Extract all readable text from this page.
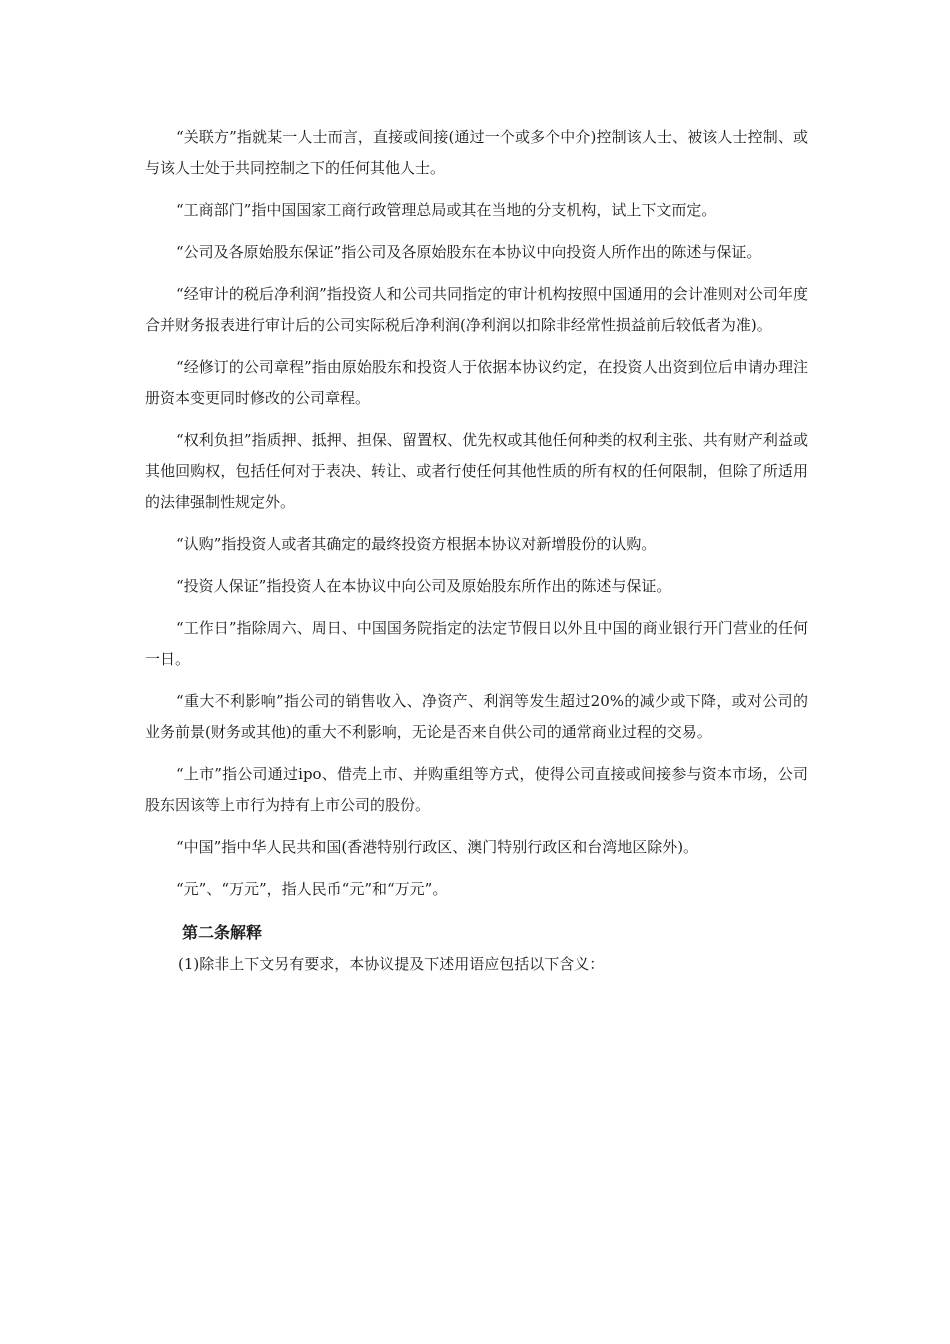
“关联方”指就某一人士而言，直接或间接(通过一个或多个中介)控制该人士、被该人士控制、或与该人士处于共同控制之下的任何其他人士。

“工商部门”指中国国家工商行政管理总局或其在当地的分支机构，试上下文而定。

“公司及各原始股东保证”指公司及各原始股东在本协议中向投资人所作出的陈述与保证。

“经审计的税后净利润”指投资人和公司共同指定的审计机构按照中国通用的会计准则对公司年度合并财务报表进行审计后的公司实际税后净利润(净利润以扣除非经常性损益前后较低者为准)。

“经修订的公司章程”指由原始股东和投资人于依据本协议约定，在投资人出资到位后申请办理注册资本变更同时修改的公司章程。

“权利负担”指质押、抵押、担保、留置权、优先权或其他任何种类的权利主张、共有财产利益或其他回购权，包括任何对于表决、转让、或者行使任何其他性质的所有权的任何限制，但除了所适用的法律强制性规定外。

“认购”指投资人或者其确定的最终投资方根据本协议对新增股份的认购。

“投资人保证”指投资人在本协议中向公司及原始股东所作出的陈述与保证。

“工作日”指除周六、周日、中国国务院指定的法定节假日以外且中国的商业银行开门营业的任何一日。

“重大不利影响”指公司的销售收入、净资产、利润等发生超过20%的减少或下降，或对公司的业务前景(财务或其他)的重大不利影响，无论是否来自供公司的通常商业过程的交易。

“上市”指公司通过ipo、借壳上市、并购重组等方式，使得公司直接或间接参与资本市场，公司股东因该等上市行为持有上市公司的股份。

“中国”指中华人民共和国(香港特别行政区、澳门特别行政区和台湾地区除外)。

“元”、“万元”，指人民币“元”和“万元”。

第二条解释

(1)除非上下文另有要求，本协议提及下述用语应包括以下含义：
